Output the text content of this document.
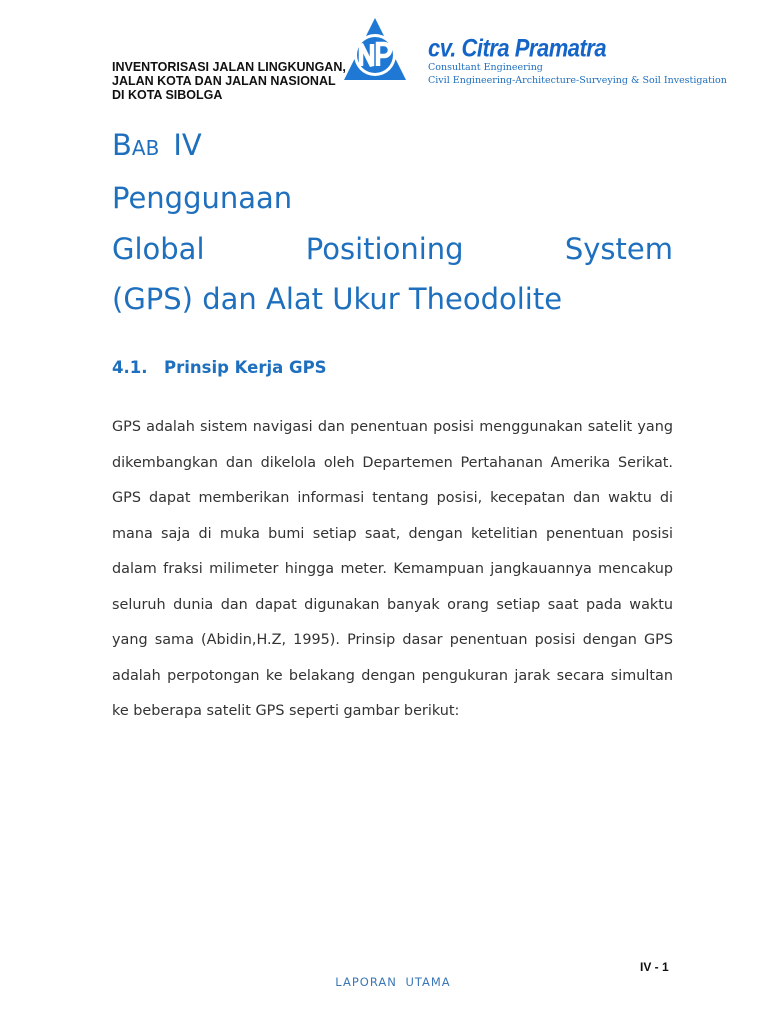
INVENTORISASI JALAN LINGKUNGAN,
JALAN KOTA DAN JALAN NASIONAL
DI KOTA SIBOLGA
cv. Citra Pramatra
Consultant Engineering
Civil Engineering-Architecture-Surveying & Soil Investigation
Bab IV
Penggunaan
Global	Positioning	System
(GPS) dan Alat Ukur Theodolite
4.1. Prinsip Kerja GPS

GPS adalah sistem navigasi dan penentuan posisi menggunakan satelit yang dikembangkan dan dikelola oleh Departemen Pertahanan Amerika Serikat. GPS dapat memberikan informasi tentang posisi, kecepatan dan waktu di mana saja di muka bumi setiap saat, dengan ketelitian penentuan posisi dalam fraksi milimeter hingga meter. Kemampuan jangkauannya mencakup seluruh dunia dan dapat digunakan banyak orang setiap saat pada waktu yang sama (Abidin,H.Z, 1995). Prinsip dasar penentuan posisi dengan GPS adalah perpotongan ke belakang dengan pengukuran jarak secara simultan ke beberapa satelit GPS seperti gambar berikut:

IV - 1
LAPORAN UTAMA
